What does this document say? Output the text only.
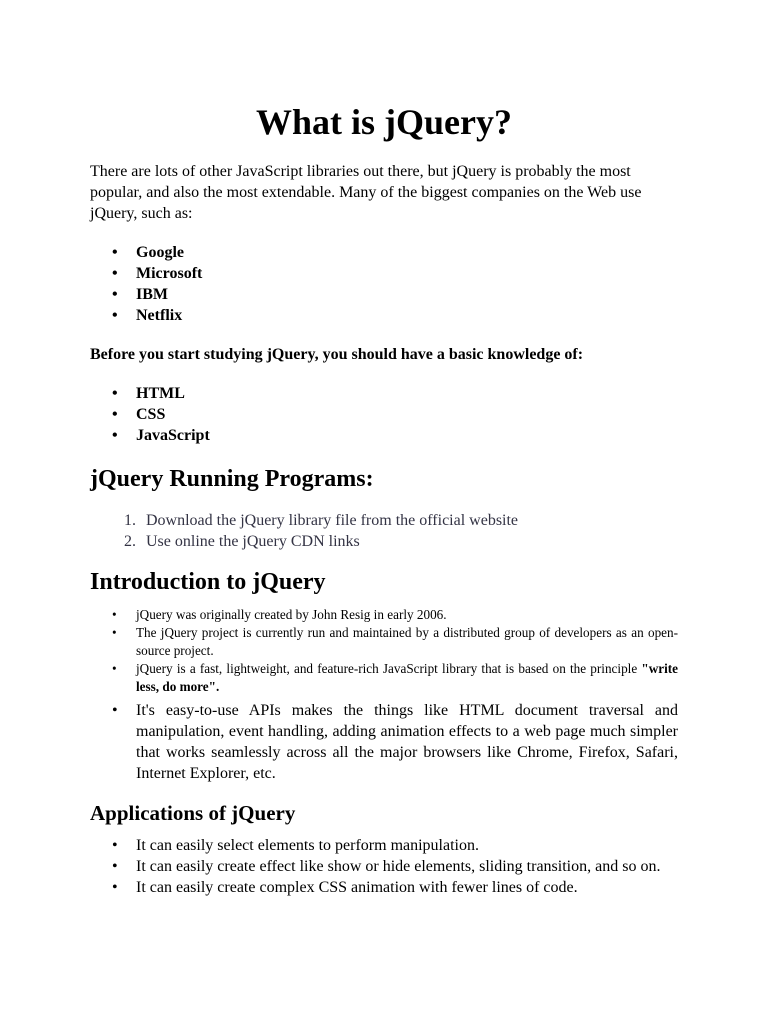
What is jQuery?

There are lots of other JavaScript libraries out there, but jQuery is probably the most popular, and also the most extendable. Many of the biggest companies on the Web use jQuery, such as:

• Google
• Microsoft
• IBM
• Netflix

Before you start studying jQuery, you should have a basic knowledge of:

• HTML
• CSS
• JavaScript
jQuery Running Programs:
1. Download the jQuery library file from the official website
2. Use online the jQuery CDN links
Introduction to jQuery
• jQuery was originally created by John Resig in early 2006.
• The jQuery project is currently run and maintained by a distributed group of developers as an open-source project.
• jQuery is a fast, lightweight, and feature-rich JavaScript library that is based on the principle "write less, do more".
• It's easy-to-use APIs makes the things like HTML document traversal and manipulation, event handling, adding animation effects to a web page much simpler that works seamlessly across all the major browsers like Chrome, Firefox, Safari, Internet Explorer, etc.
Applications of jQuery
• It can easily select elements to perform manipulation.
• It can easily create effect like show or hide elements, sliding transition, and so on.
• It can easily create complex CSS animation with fewer lines of code.
